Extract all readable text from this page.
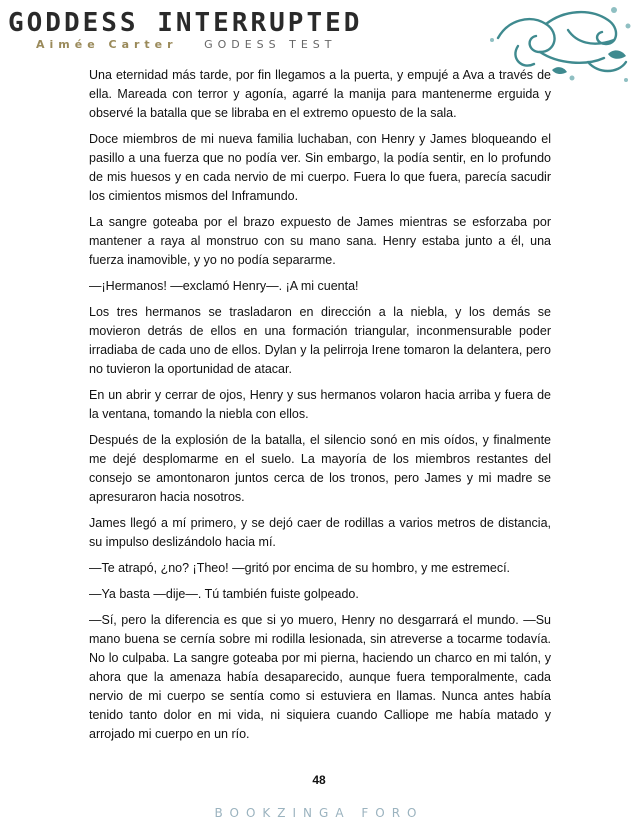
GODDESS INTERRUPTED
Aimée Carter GODESS TEST

Una eternidad más tarde, por fin llegamos a la puerta, y empujé a Ava a través de ella. Mareada con terror y agonía, agarré la manija para mantenerme erguida y observé la batalla que se libraba en el extremo opuesto de la sala.

Doce miembros de mi nueva familia luchaban, con Henry y James bloqueando el pasillo a una fuerza que no podía ver. Sin embargo, la podía sentir, en lo profundo de mis huesos y en cada nervio de mi cuerpo. Fuera lo que fuera, parecía sacudir los cimientos mismos del Inframundo.

La sangre goteaba por el brazo expuesto de James mientras se esforzaba por mantener a raya al monstruo con su mano sana. Henry estaba junto a él, una fuerza inamovible, y yo no podía separarme.

—¡Hermanos! —exclamó Henry—. ¡A mi cuenta!

Los tres hermanos se trasladaron en dirección a la niebla, y los demás se movieron detrás de ellos en una formación triangular, inconmensurable poder irradiaba de cada uno de ellos. Dylan y la pelirroja Irene tomaron la delantera, pero no tuvieron la oportunidad de atacar.

En un abrir y cerrar de ojos, Henry y sus hermanos volaron hacia arriba y fuera de la ventana, tomando la niebla con ellos.

Después de la explosión de la batalla, el silencio sonó en mis oídos, y finalmente me dejé desplomarme en el suelo. La mayoría de los miembros restantes del consejo se amontonaron juntos cerca de los tronos, pero James y mi madre se apresuraron hacia nosotros.

James llegó a mí primero, y se dejó caer de rodillas a varios metros de distancia, su impulso deslizándolo hacia mí.

—Te atrapó, ¿no? ¡Theo! —gritó por encima de su hombro, y me estremecí.

—Ya basta —dije—. Tú también fuiste golpeado.

—Sí, pero la diferencia es que si yo muero, Henry no desgarrará el mundo. —Su mano buena se cernía sobre mi rodilla lesionada, sin atreverse a tocarme todavía. No lo culpaba. La sangre goteaba por mi pierna, haciendo un charco en mi talón, y ahora que la amenaza había desaparecido, aunque fuera temporalmente, cada nervio de mi cuerpo se sentía como si estuviera en llamas. Nunca antes había tenido tanto dolor en mi vida, ni siquiera cuando Calliope me había matado y arrojado mi cuerpo en un río.

48
BOOKZINGA FORO
